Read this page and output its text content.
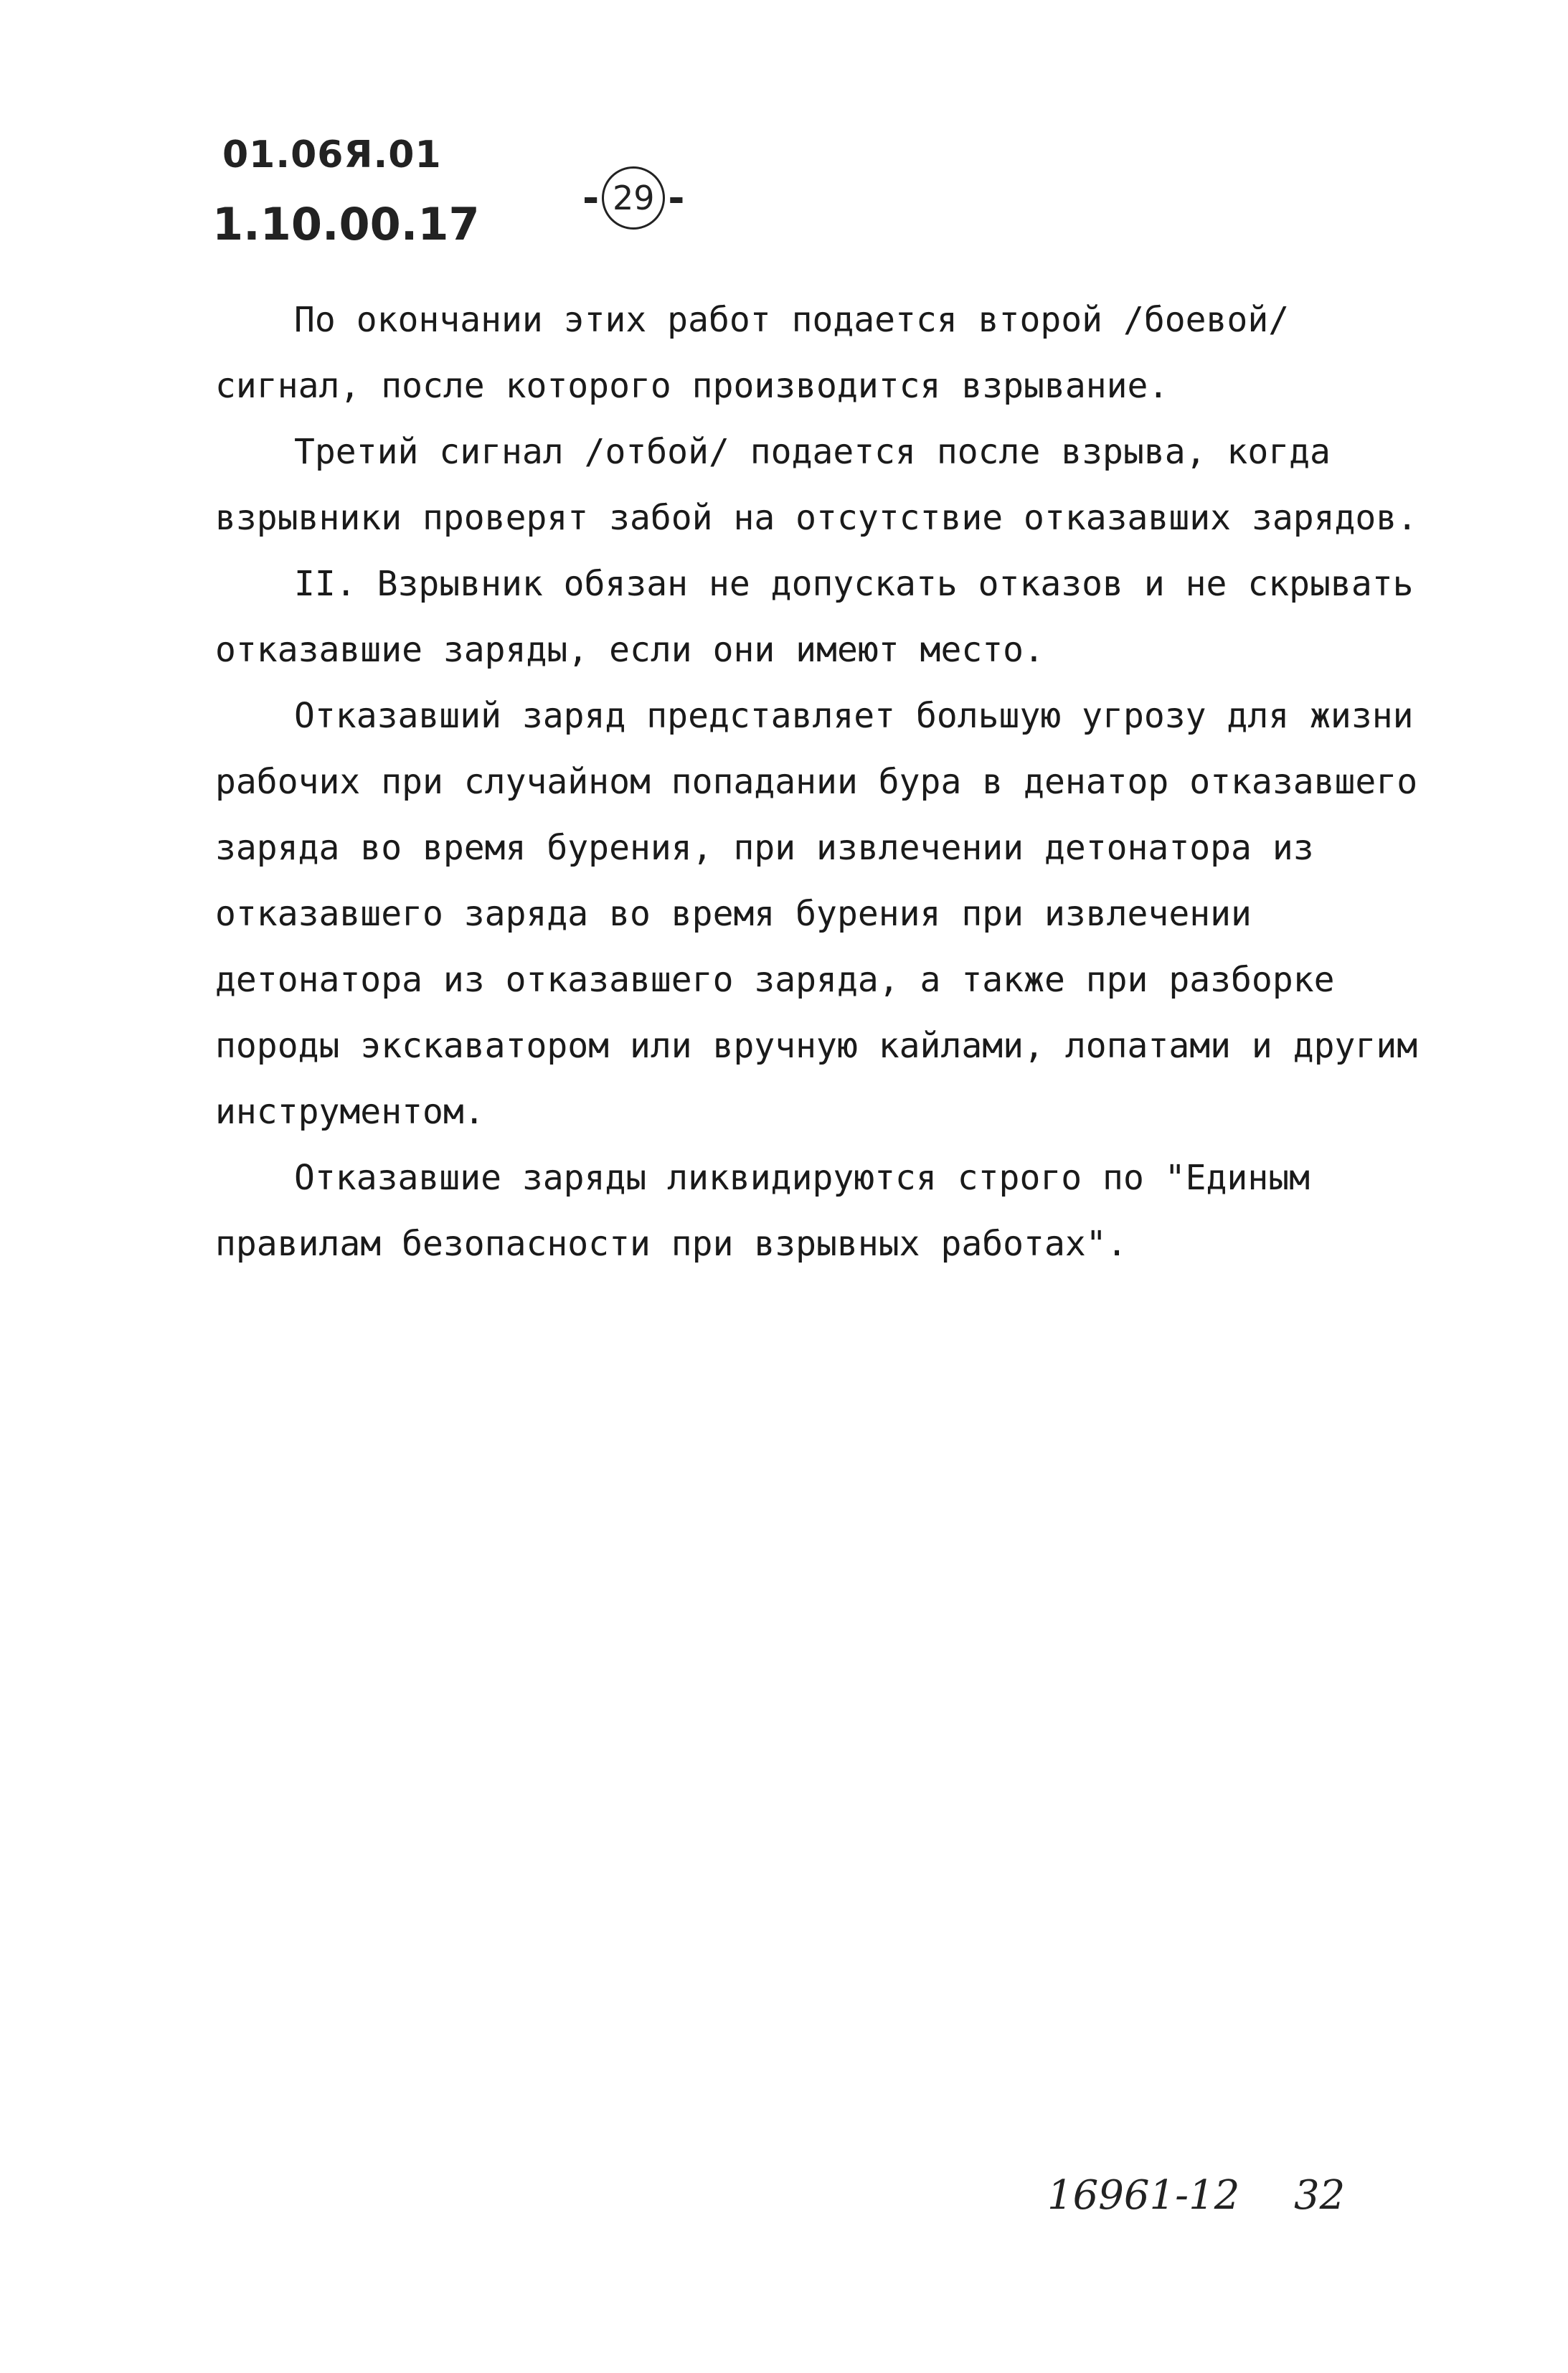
01.06Я.01
1.10.00.17	- 29 -

По окончании этих работ подается второй /боевой/ сигнал, после которого производится взрывание.

Третий сигнал /отбой/ подается после взрыва, когда взрывники проверят забой на отсутствие отказавших зарядов.

II. Взрывник обязан не допускать отказов и не скрывать отказавшие заряды, если они имеют место.

Отказавший заряд представляет большую угрозу для жизни рабочих при случайном попадании бура в денатор отказавшего заряда во время бурения, при извлечении детонатора из отказавшего заряда во время бурения при извлечении детонатора из отказавшего заряда, а также при разборке породы экскаватором или вручную кайлами, лопатами и другим инструментом.

Отказавшие заряды ликвидируются строго по "Единым правилам безопасности при взрывных работах".

16961-12 32
